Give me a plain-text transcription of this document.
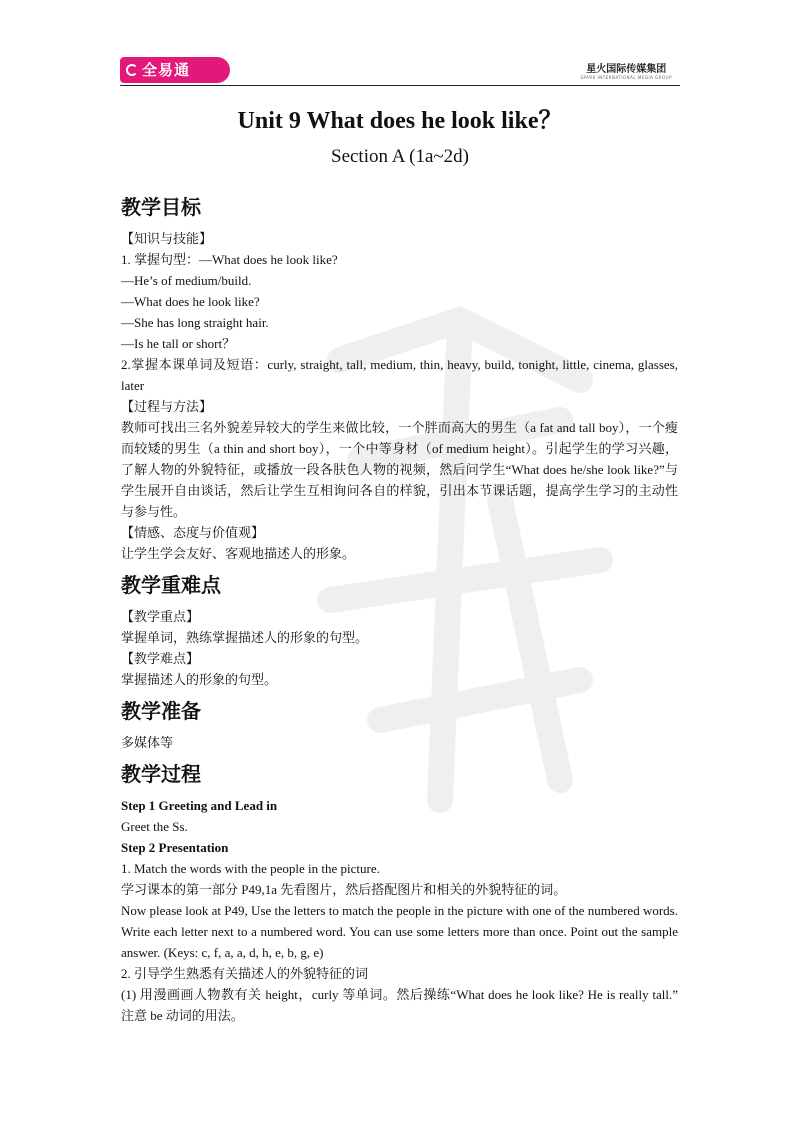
全易通	星火国际传媒集团
SPARK INTERNATIONAL MEDIA GROUP
Unit 9 What does he look like？
Section A (1a~2d)
教学目标

【知识与技能】

1. 掌握句型：—What does he look like?

—He’s of medium/build.

—What does he look like?

—She has long straight hair.

—Is he tall or short？

2.掌握本课单词及短语：curly, straight, tall, medium, thin, heavy, build, tonight, little, cinema, glasses, later

【过程与方法】

教师可找出三名外貌差异较大的学生来做比较，一个胖而高大的男生（a fat and tall boy），一个瘦而较矮的男生（a thin and short boy），一个中等身材（of medium height）。引起学生的学习兴趣，了解人物的外貌特征，或播放一段各肤色人物的视频，然后问学生“What does he/she look like?”与学生展开自由谈话，然后让学生互相询问各自的样貌，引出本节课话题，提高学生学习的主动性与参与性。

【情感、态度与价值观】

让学生学会友好、客观地描述人的形象。

教学重难点

【教学重点】

掌握单词，熟练掌握描述人的形象的句型。

【教学难点】

掌握描述人的形象的句型。

教学准备

多媒体等

教学过程

Step 1 Greeting and Lead in

Greet the Ss.

Step 2 Presentation

1. Match the words with the people in the picture.

学习课本的第一部分 P49,1a 先看图片，然后搭配图片和相关的外貌特征的词。

Now please look at P49, Use the letters to match the people in the picture with one of the numbered words. Write each letter next to a numbered word. You can use some letters more than once. Point out the sample answer. (Keys: c, f, a, a, d, h, e, b, g, e)

2. 引导学生熟悉有关描述人的外貌特征的词

(1) 用漫画画人物教有关 height，curly 等单词。然后操练“What does he look like? He is really tall.” 注意 be 动词的用法。
